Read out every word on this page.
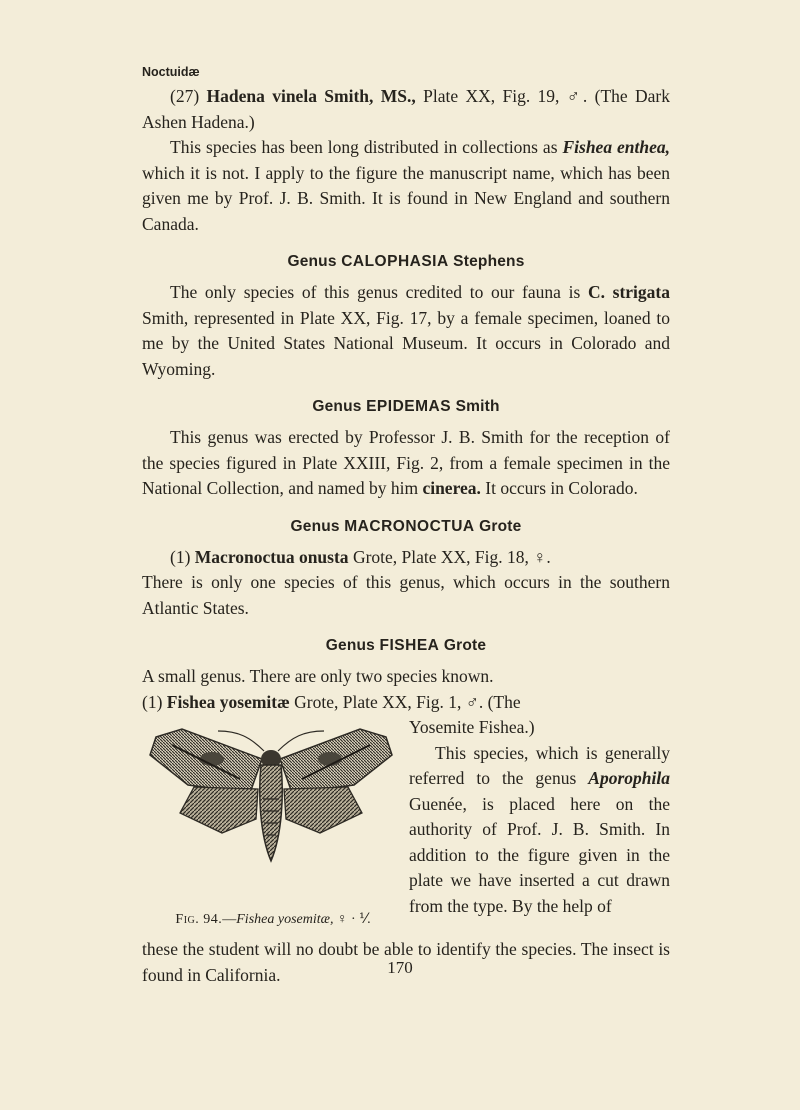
Noctuidæ

(27) Hadena vinela Smith, MS., Plate XX, Fig. 19, ♂. (The Dark Ashen Hadena.)

This species has been long distributed in collections as Fishea enthea, which it is not. I apply to the figure the manuscript name, which has been given me by Prof. J. B. Smith. It is found in New England and southern Canada.

Genus CALOPHASIA Stephens

The only species of this genus credited to our fauna is C. strigata Smith, represented in Plate XX, Fig. 17, by a female specimen, loaned to me by the United States National Museum. It occurs in Colorado and Wyoming.

Genus EPIDEMAS Smith

This genus was erected by Professor J. B. Smith for the reception of the species figured in Plate XXIII, Fig. 2, from a female specimen in the National Collection, and named by him cinerea. It occurs in Colorado.

Genus MACRONOCTUA Grote

(1) Macronoctua onusta Grote, Plate XX, Fig. 18, ♀.

There is only one species of this genus, which occurs in the southern Atlantic States.

Genus FISHEA Grote

A small genus. There are only two species known.

(1) Fishea yosemitæ Grote, Plate XX, Fig. 1, ♂. (The

Fig. 94.—Fishea yosemitæ, ♀ · ⅟.

Yosemite Fishea.)

This species, which is generally referred to the genus Aporophila Guenée, is placed here on the authority of Prof. J. B. Smith. In addition to the figure given in the plate we have inserted a cut drawn from the type. By the help of

these the student will no doubt be able to identify the species. The insect is found in California.	170
